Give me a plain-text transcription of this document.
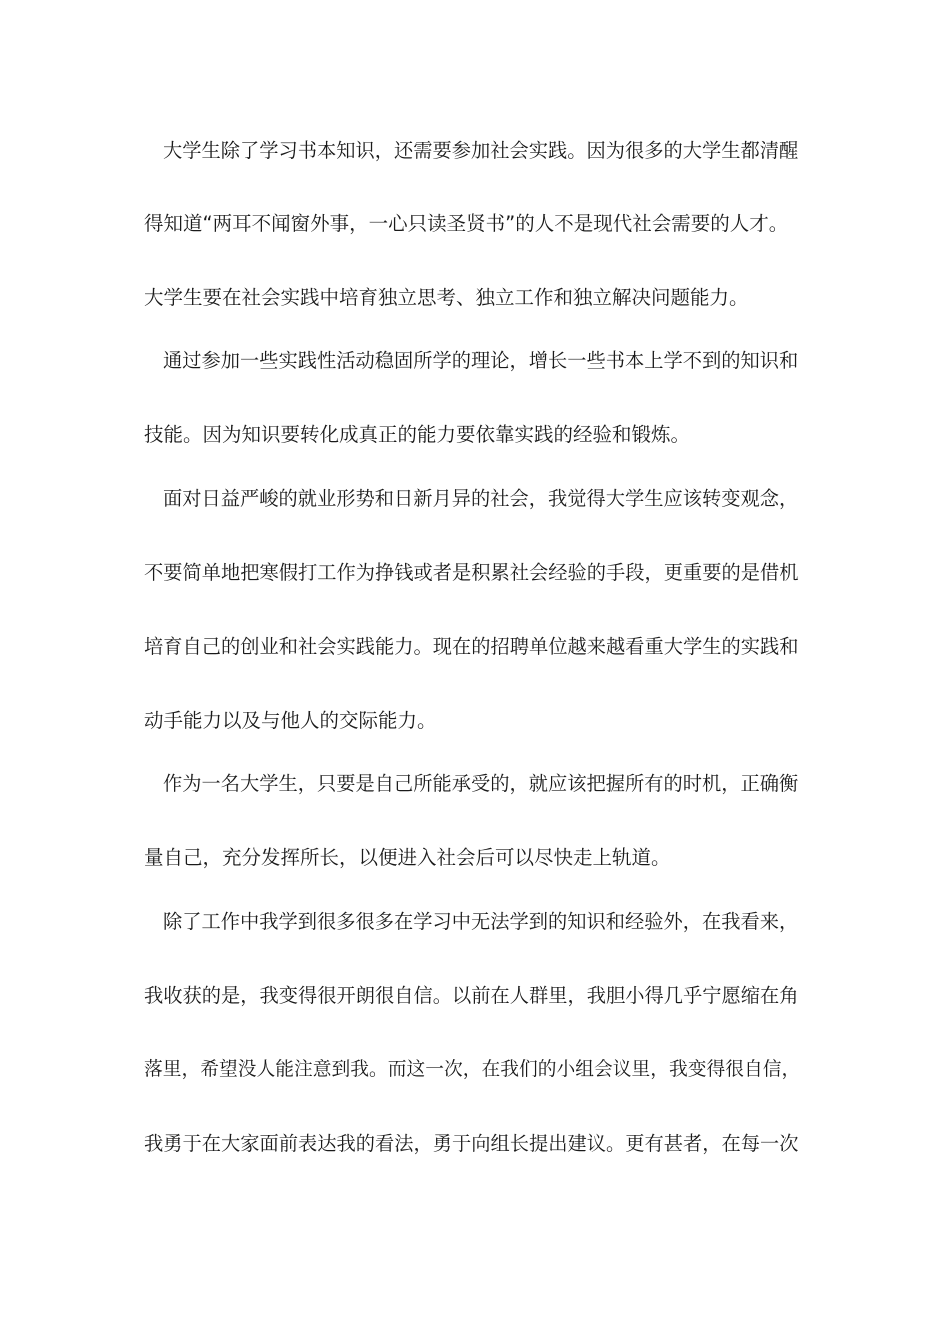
大学生除了学习书本知识，还需要参加社会实践。因为很多的大学生都清醒
得知道“两耳不闻窗外事，一心只读圣贤书”的人不是现代社会需要的人才。
大学生要在社会实践中培育独立思考、独立工作和独立解决问题能力。
通过参加一些实践性活动稳固所学的理论，增长一些书本上学不到的知识和
技能。因为知识要转化成真正的能力要依靠实践的经验和锻炼。
面对日益严峻的就业形势和日新月异的社会，我觉得大学生应该转变观念，
不要简单地把寒假打工作为挣钱或者是积累社会经验的手段，更重要的是借机
培育自己的创业和社会实践能力。现在的招聘单位越来越看重大学生的实践和
动手能力以及与他人的交际能力。
作为一名大学生，只要是自己所能承受的，就应该把握所有的时机，正确衡
量自己，充分发挥所长，以便进入社会后可以尽快走上轨道。
除了工作中我学到很多很多在学习中无法学到的知识和经验外，在我看来，
我收获的是，我变得很开朗很自信。以前在人群里，我胆小得几乎宁愿缩在角
落里，希望没人能注意到我。而这一次，在我们的小组会议里，我变得很自信，
我勇于在大家面前表达我的看法，勇于向组长提出建议。更有甚者，在每一次
